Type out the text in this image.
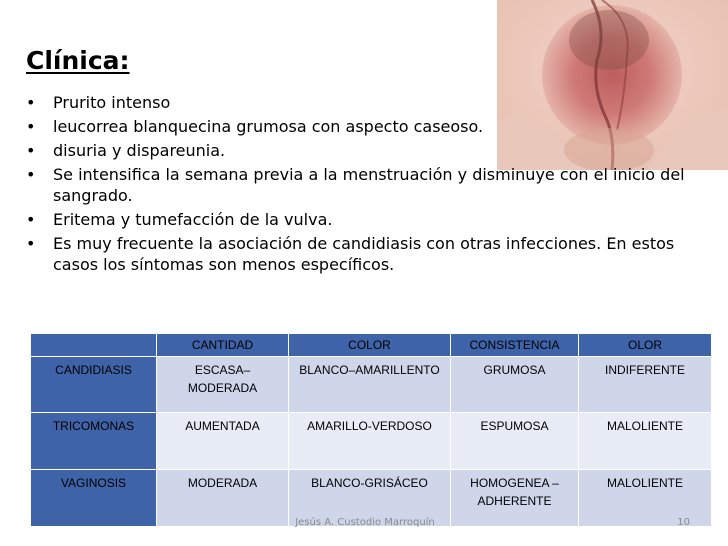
Clínica:
• Prurito intenso
• leucorrea blanquecina grumosa con aspecto caseoso.
• disuria y dispareunia.
• Se intensifica la semana previa a la menstruación y disminuye con el inicio del sangrado.
• Eritema y tumefacción de la vulva.
• Es muy frecuente la asociación de candidiasis con otras infecciones. En estos casos los síntomas son menos específicos.
	CANTIDAD	COLOR	CONSISTENCIA	OLOR
CANDIDIASIS	ESCASA–MODERADA	BLANCO–AMARILLENTO	GRUMOSA	INDIFERENTE
TRICOMONAS	AUMENTADA	AMARILLO-VERDOSO	ESPUMOSA	MALOLIENTE
VAGINOSIS	MODERADA	BLANCO-GRISÁCEO	HOMOGENEA – ADHERENTE	MALOLIENTE
Jesús A. Custodio Marroquín	10
